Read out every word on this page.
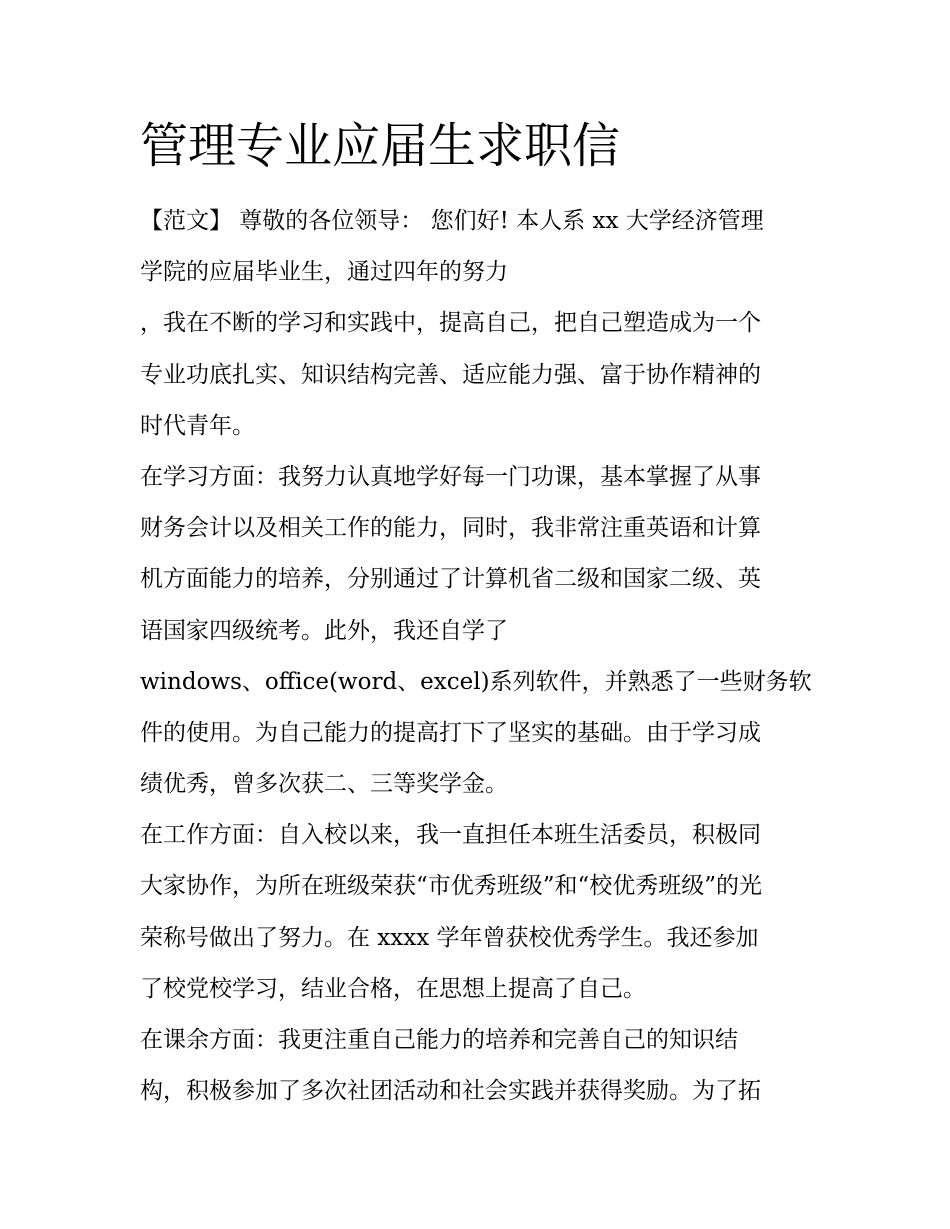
管理专业应届生求职信
【范文】 尊敬的各位领导： 您们好! 本人系 xx 大学经济管理
学院的应届毕业生，通过四年的努力
，我在不断的学习和实践中，提高自己，把自己塑造成为一个
专业功底扎实、知识结构完善、适应能力强、富于协作精神的
时代青年。
在学习方面：我努力认真地学好每一门功课，基本掌握了从事
财务会计以及相关工作的能力，同时，我非常注重英语和计算
机方面能力的培养，分别通过了计算机省二级和国家二级、英
语国家四级统考。此外，我还自学了
windows、office(word、excel)系列软件，并熟悉了一些财务软
件的使用。为自己能力的提高打下了坚实的基础。由于学习成
绩优秀，曾多次获二、三等奖学金。
在工作方面：自入校以来，我一直担任本班生活委员，积极同
大家协作，为所在班级荣获“市优秀班级”和“校优秀班级”的光
荣称号做出了努力。在 xxxx 学年曾获校优秀学生。我还参加
了校党校学习，结业合格，在思想上提高了自己。
在课余方面：我更注重自己能力的培养和完善自己的知识结
构，积极参加了多次社团活动和社会实践并获得奖励。为了拓
